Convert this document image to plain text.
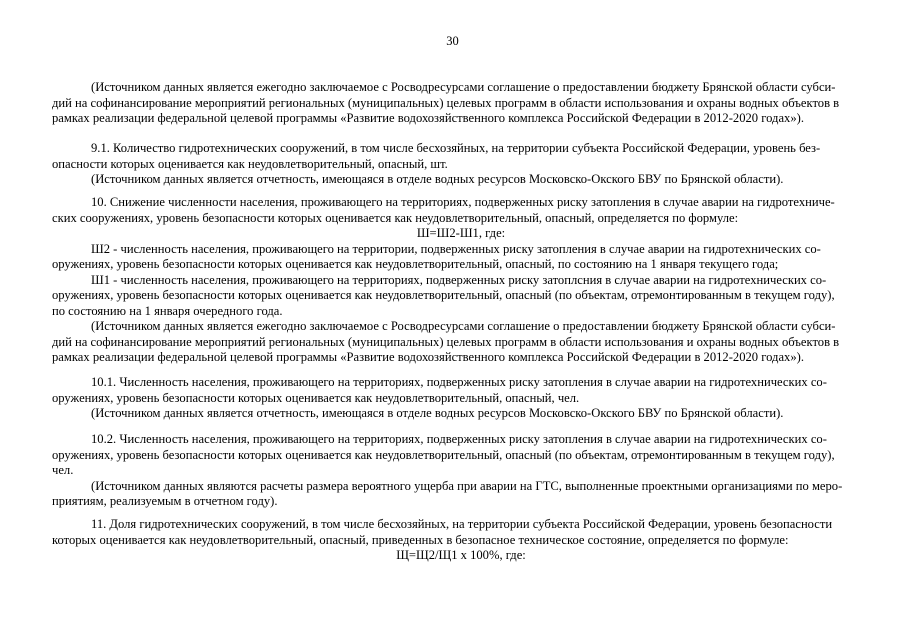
30

(Источником данных является ежегодно заключаемое с Росводресурсами соглашение о предоставлении бюджету Брянской области субси-
дий на софинансирование мероприятий региональных (муниципальных) целевых программ в области использования и охраны водных объектов в
рамках реализации федеральной целевой программы «Развитие водохозяйственного комплекса Российской Федерации в 2012-2020 годах»).

9.1. Количество гидротехнических сооружений, в том числе бесхозяйных, на территории субъекта Российской Федерации, уровень без-
опасности которых оценивается как неудовлетворительный, опасный, шт.

(Источником данных является отчетность, имеющаяся в отделе водных ресурсов Московско-Окского БВУ по Брянской области).

10. Снижение численности населения, проживающего на территориях, подверженных риску затопления в случае аварии на гидротехниче-
ских сооружениях, уровень безопасности которых оценивается как неудовлетворительный, опасный, определяется по формуле:

Ш=Ш2-Ш1, где:

Ш2 - численность населения, проживающего на территории, подверженных риску затопления в случае аварии на гидротехнических со-
оружениях, уровень безопасности которых оценивается как неудовлетворительный, опасный, по состоянию на 1 января текущего года;

Ш1 - численность населения, проживающего на территориях, подверженных риску затоплсния в случае аварии на гидротехнических со-
оружениях, уровень безопасности которых оценивается как неудовлетворительный, опасный (по объектам, отремонтированным в текущем году),
по состоянию на 1 января очередного года.

(Источником данных является ежегодно заключаемое с Росводресурсами соглашение о предоставлении бюджету Брянской области субси-
дий на софинансирование мероприятий региональных (муниципальных) целевых программ в области использования и охраны водных объектов в
рамках реализации федеральной целевой программы «Развитие водохозяйственного комплекса Российской Федерации в 2012-2020 годах»).

10.1. Численность населения, проживающего на территориях, подверженных риску затопления в случае аварии на гидротехнических со-
оружениях, уровень безопасности которых оценивается как неудовлетворительный, опасный, чел.

(Источником данных является отчетность, имеющаяся в отделе водных ресурсов Московско-Окского БВУ по Брянской области).

10.2. Численность населения, проживающего на территориях, подверженных риску затопления в случае аварии на гидротехнических со-
оружениях, уровень безопасности которых оценивается как неудовлетворительный, опасный (по объектам, отремонтированным в текущем году),
чел.

(Источником данных являются расчеты размера вероятного ущерба при аварии на ГТС, выполненные проектными организациями по меро-
приятиям, реализуемым в отчетном году).

11. Доля гидротехнических сооружений, в том числе бесхозяйных, на территории субъекта Российской Федерации, уровень безопасности
которых оценивается как неудовлетворительный, опасный, приведенных в безопасное техническое состояние, определяется по формуле:

Щ=Щ2/Щ1 х 100%, где:
